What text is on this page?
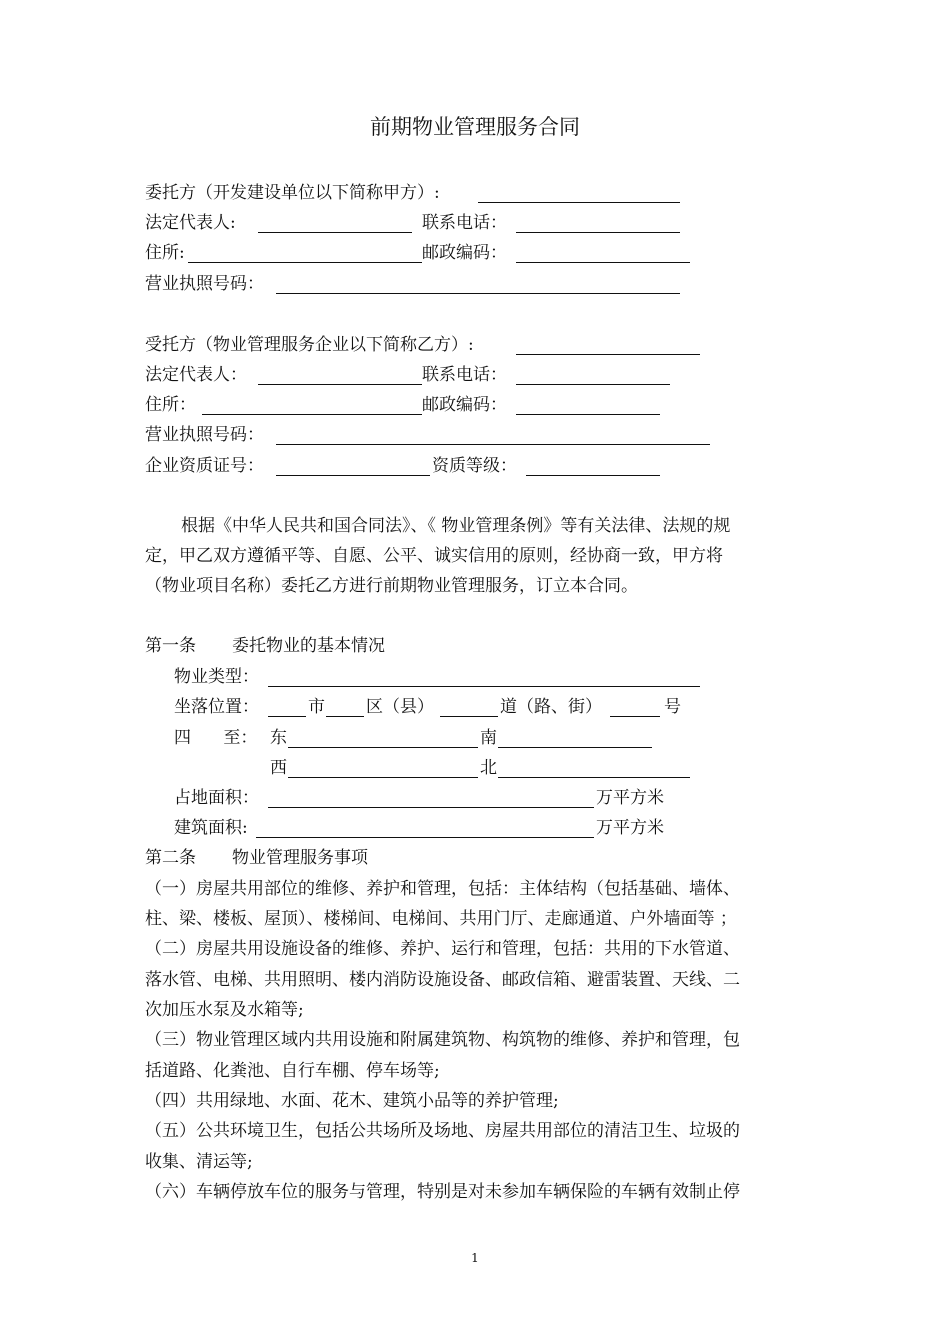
前期物业管理服务合同
委托方（开发建设单位以下简称甲方）:
法定代表人:	联系电话：
住所:	邮政编码：
营业执照号码：
受托方（物业管理服务企业以下简称乙方）:
法定代表人：	联系电话：
住所：	邮政编码：
营业执照号码：
企业资质证号：	资质等级：
根据《中华人民共和国合同法》、《 物业管理条例》等有关法律、法规的规
定，甲乙双方遵循平等、自愿、公平、诚实信用的原则，经协商一致，甲方将
（物业项目名称）委托乙方进行前期物业管理服务，订立本合同。
第一条 委托物业的基本情况
物业类型：
坐落位置：	市 区（县）	道（路、街）	号
四      至： 东	南
西	北
占地面积：	万平方米
建筑面积:	万平方米
第二条 物业管理服务事项
（一）房屋共用部位的维修、养护和管理，包括：主体结构（包括基础、墙体、
柱、梁、楼板、屋顶）、楼梯间、电梯间、共用门厅、走廊通道、户外墙面等 ；
（二）房屋共用设施设备的维修、养护、运行和管理，包括：共用的下水管道、
落水管、电梯、共用照明、楼内消防设施设备、邮政信箱、避雷装置、天线、二
次加压水泵及水箱等;
（三）物业管理区域内共用设施和附属建筑物、构筑物的维修、养护和管理，包
括道路、化粪池、自行车棚、停车场等;
（四）共用绿地、水面、花木、建筑小品等的养护管理;
（五）公共环境卫生，包括公共场所及场地、房屋共用部位的清洁卫生、垃圾的
收集、清运等;
（六）车辆停放车位的服务与管理，特别是对未参加车辆保险的车辆有效制止停
1
